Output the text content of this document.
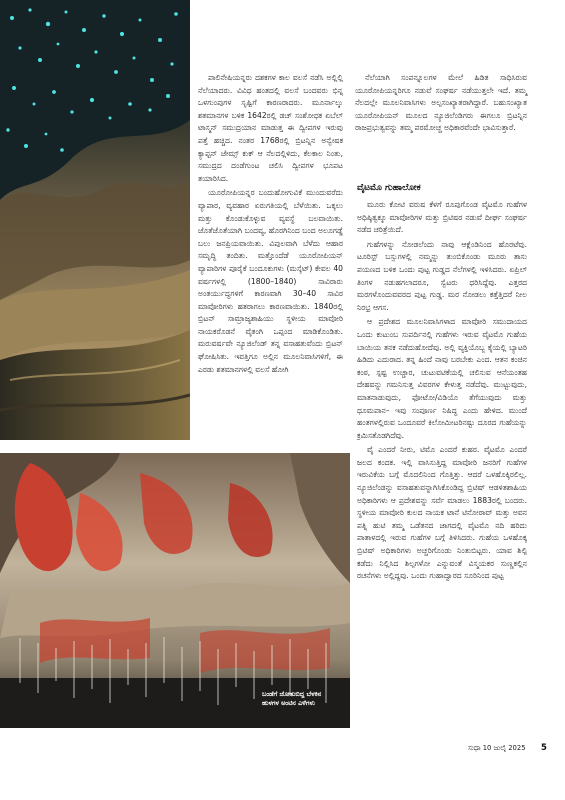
ಪಾಲಿನೇಷಿಯನ್ನರು ದಶಕಗಳ ಕಾಲ ವಲಸೆ ನಡೆಸಿ ಅಲ್ಲಿಲ್ಲಿ ನೆಲೆಯಾದರು. ವಿವಿಧ ಹಂತದಲ್ಲಿ ವಲಸೆ ಬಂದವರು ಭಿನ್ನ ಒಳಗುಂಪುಗಳ ಸೃಷ್ಟಿಗೆ ಕಾರಣರಾದರು. ಮೂರ್ನಾಲ್ಕು ಶತಮಾನಗಳ ಬಳಿಕ 1642ರಲ್ಲಿ ಡಚ್ ಸಂಶೋಧಕ ಏಬೆಲ್ ಟಾಸ್ಮನ್ ಸಮುದ್ರಯಾನ ಮಾಡುತ್ತ ಈ ದ್ವೀಪಗಳ ಇರುವು ಪತ್ತೆ ಹಚ್ಚಿದ. ನಂತರ 1768ರಲ್ಲಿ ಬ್ರಿಟನ್ನಿನ ಅನ್ವೇಷಕ ಕ್ಯಾಪ್ಟನ್ ಜೇಮ್ಸ್ ಕುಕ್ ಆ ನೆಲದಲ್ಲಿಳಿದು, ಕೆಲಕಾಲ ನಿಂತು, ಸಮುದ್ರದ ದಂಡೆಗುಂಟ ಚಲಿಸಿ ದ್ವೀಪಗಳ ಭೂಪಟ ತಯಾರಿಸಿದ.

ಯೂರೋಪಿಯನ್ನರ ಬಂದುಹೋಗುವಿಕೆ ಮುಂದುವರೆದು ವ್ಯಾಪಾರ, ವ್ಯವಹಾರ ಏರುಗತಿಯಲ್ಲಿ ಬೆಳೆಯಿತು. ಒಕ್ಕಲು ಮತ್ತು ಕೊಂಡುಕೊಳ್ಳುವ ವ್ಯವಸ್ಥೆ ಬಲವಾಯಿತು. ಜೊತೆಜೊತೆಯಾಗಿ ಬಂದವ್ಯ, ಹೊರಗಿನಿಂದ ಬಂದ ಅಲೂಗಡ್ಡೆ ಬಲು ಜನಪ್ರಿಯವಾಯಿತು. ವಿಪುಲವಾಗಿ ಬೆಳೆದು ಆಹಾರ ಸಮೃದ್ಧಿ ತಂದಿತು. ಮತ್ತೊಂದೆಡೆ ಯೂರೋಪಿಯನ್ ವ್ಯಾಪಾರಿಗಳ ಪೂರೈಕೆ ಬಂದೂಕುಗಳು (ಮಸ್ಕೆಟ್) ಕೇವಲ 40 ವರ್ಷಗಳಲ್ಲಿ (1800–1840) ಸಾವಿರಾರು ಅಂತರ್ಯುದ್ಧಗಳಿಗೆ ಕಾರಣವಾಗಿ 30–40 ಸಾವಿರ ಮಾವೋರಿಗಳು ಹತರಾಗಲು ಕಾರಣವಾಯಿತು. 1840ರಲ್ಲಿ ಬ್ರಿಟನ್ ಸಾಮ್ರಾಜ್ಯಶಾಹಿಯು ಸ್ಥಳೀಯ ಮಾವೋರಿ ನಾಯಕರೊಡನೆ ವೈತಂಗಿ ಒಪ್ಪಂದ ಮಾಡಿಕೊಂಡಿತು. ಮರುವರ್ಷವೇ ನ್ಯೂಜಿಲೆಂಡ್ ತನ್ನ ವಸಾಹತುವೆಂದು ಬ್ರಿಟನ್ ಘೋಷಿಸಿತು. ಇವತ್ತಿಗೂ ಅಲ್ಲಿನ ಮೂಲನಿವಾಸಿಗಳಿಗೆ, ಈ ಎರಡು ಶತಮಾನಗಳಲ್ಲಿ ವಲಸೆ ಹೋಗಿ

ನೆಲೆಯಾಗಿ ಸಂಪನ್ನೂಲಗಳ ಮೇಲೆ ಹಿಡಿತ ಸಾಧಿಸಿರುವ ಯೂರೋಪಿಯನ್ನರಿಗೂ ನಡುವೆ ಸಂಘರ್ಷ ನಡೆಯುತ್ತಲೇ ಇದೆ. ತಮ್ಮ ನೆಲದಲ್ಲೇ ಮೂಲನಿವಾಸಿಗಳು ಅಲ್ಪಸಂಖ್ಯಾತರಾಗಿದ್ದಾರೆ. ಬಹುಸಂಖ್ಯಾತ ಯೂರೋಪಿಯನ್ ಮೂಲದ ನ್ಯೂಜಿಲೆಂಡಿಗರು ಈಗಲೂ ಬ್ರಿಟನ್ನಿನ ರಾಜಪ್ರಭುತ್ವವನ್ನು ತಮ್ಮ ಪರಮೋಚ್ಚ ಅಧಿಕಾರವೆಂದೇ ಭಾವಿಸುತ್ತಾರೆ.

ವೈಟಮೊ ಗುಹಾಲೋಕ

ಮೂರು ಕೋಟಿ ವರುಷ ಕೆಳಗೆ ರೂಪುಗೊಂಡ ವೈಟಮೊ ಗುಹೆಗಳ ಅಧಿಷ್ಠಿತ್ವಕ್ಕೂ ಮಾವೋರಿಗಳ ಮತ್ತು ಬ್ರಿಟಿಷರ ನಡುವೆ ದೀರ್ಘ ಸಂಘರ್ಷ ನಡೆದ ಚರಿತ್ರೆಯಿದೆ.

ಗುಹೆಗಳನ್ನು ನೋಡಲೆಂದು ನಾವು ಆಕ್ಲೆಂಡಿನಿಂದ ಹೊರಟೆವು. ಟೂರಿಸ್ಟ್ ಬಸ್ಸುಗಳಲ್ಲಿ ನಮ್ಮನ್ನು ತುಂಬಿಕೊಂಡು ಮೂರು ತಾಸು ಪಯಣದ ಬಳಿಕ ಒಂದು ಪುಟ್ಟ ಗುಡ್ಡದ ನೆಲೆಗಳಲ್ಲಿ ಇಳಿಸಿದರು. ಏಪ್ರಿಲ್ ತಿಂಗಳ ನಡುಹಗಲಾದರೂ, ಸ್ವೆಟರು ಧರಿಸಿದ್ದೆವು. ಎತ್ತರದ ಮರಗಳೊಂದುವವರದ ಪುಟ್ಟ ಗುಡ್ಡ. ಮರ ನೋಡಲು ಕತ್ತೆತ್ತಿದರೆ ನೀಲ ನಿರಭ್ರ ಆಗಸ.

ಆ ಪ್ರದೇಶದ ಮೂಲನಿವಾಸಿಗಳಾದ ಮಾವೋರಿ ಸಮುದಾಯದ ಒಂದು ಕುಟುಂಬ ಸುಪರ್ದಿನಲ್ಲಿ ಗುಹೆಗಳು ಇರುವ ವೈಟಮೊ ಗುಹೆಯ ಬಾಯಿಯ ತನಕ ನಡೆದುಹೋದೆವು. ಅಲ್ಲಿ ವ್ಯಕ್ತಿಯೊಬ್ಬ ಕೈಯಲ್ಲಿ ಬ್ಯಾಟರಿ ಹಿಡಿದು ಎದುರಾದ. ತನ್ನ ಹಿಂದೆ ನಾವು ಬರಬೇಕು ಎಂದ. ಆತನ ಕಂಚಿನ ಕಂಠ, ಸ್ಪಷ್ಟ ಉಚ್ಚಾರ, ಚುಟುವಟಿಕೆಯಲ್ಲಿ ಚಲಿಸುವ ಆನೆಯಂತಹ ದೇಹವನ್ನು ಗಮನಿಸುತ್ತ ವಿವರಗಳ ಕೇಳುತ್ತ ನಡೆದೆವು. ಮುಟ್ಟುವುದು, ಮಾತನಾಡುವುದು, ಫೋಟೋ/ವಿಡಿಯೊ ತೆಗೆಯುವುದು ಮತ್ತು ಧೂಮಪಾನ– ಇವು ಸಂಪೂರ್ಣ ನಿಷಿದ್ಧ ಎಂದು ಹೇಳಿದ. ಮುಂದೆ ಹಂತಗಳಲ್ಲಿರುವ ಒಂದೂವರೆ ಕಿಲೋಮೀಟರಿನಷ್ಟು ದೂರದ ಗುಹೆಯನ್ನು ಕ್ರಮಿಸತೊಡಗಿದೆವು.

ವೈ ಎಂದರೆ ನೀರು, ಟಿಮೊ ಎಂದರೆ ಕುಹರ. ವೈಟಮೊ ಎಂದರೆ ಜಲದ ಕಂದಕ. ಇಲ್ಲಿ ವಾಸಿಸುತ್ತಿದ್ದ ಮಾವೋರಿ ಜನರಿಗೆ ಗುಹೆಗಳ ಇರುವಿಕೆಯ ಬಗ್ಗೆ ಮೊದಲಿನಿಂದ ಗೊತ್ತಿತ್ತು. ಆದರೆ ಒಳಹೊಕ್ಕಿರಲಿಲ್ಲ. ನ್ಯೂಜಿಲೆಂಡನ್ನು ವಸಾಹತುವನ್ನಾಗಿಸಿಕೊಂಡಿದ್ದ ಬ್ರಿಟಿಷ್ ಆಡಳಿತಶಾಹಿಯ ಅಧಿಕಾರಿಗಳು ಆ ಪ್ರದೇಶವನ್ನು ಸರ್ವೆ ಮಾಡಲು 1883ರಲ್ಲಿ ಬಂದರು. ಸ್ಥಳೀಯ ಮಾವೋರಿ ಕುಲದ ನಾಯಕ ಟಾನೆ ಟಿನೋರಾವ್ ಮತ್ತು ಅವನ ಪತ್ನಿ ಹುಟಿ ತಮ್ಮ ಒಡೆತನದ ಜಾಗದಲ್ಲಿ ವೈಟಮೊ ನದಿ ಹರಿದು ಪಾತಾಳದಲ್ಲಿ ಇರುವ ಗುಹೆಗಳ ಬಗ್ಗೆ ತಿಳಿಸಿದರು. ಗುಹೆಯ ಒಳಹೊಕ್ಕ ಬ್ರಿಟಿಷ್ ಅಧಿಕಾರಿಗಳು ಅಚ್ಚರಿಗೊಂಡು ನಿಂತುಬಿಟ್ಟರು. ಯಾವ ಶಿಲ್ಪಿ ಕಡೆದು ನಿಲ್ಲಿಸಿದ ಶಿಲ್ಪಗಳೋ ಎನ್ನುವಂತೆ ವಿಸ್ಮಯಕರ ಸುಣ್ಣಕಲ್ಲಿನ ರಚನೆಗಳು ಅಲ್ಲಿದ್ದವು. ಒಂದು ಗುಹಾದ್ವಾರದ ಸೂರಿನಿಂದ ಪುಟ್ಟ

ಬಂಡೆಗೆ ಜೋತುಬಿದ್ದ ಬೆಳಕಿನ ಹುಳಗಳ ಅಂಟಿನ ಎಳೆಗಳು
ಸುಧಾ 10 ಜುಲೈ 2025 5
